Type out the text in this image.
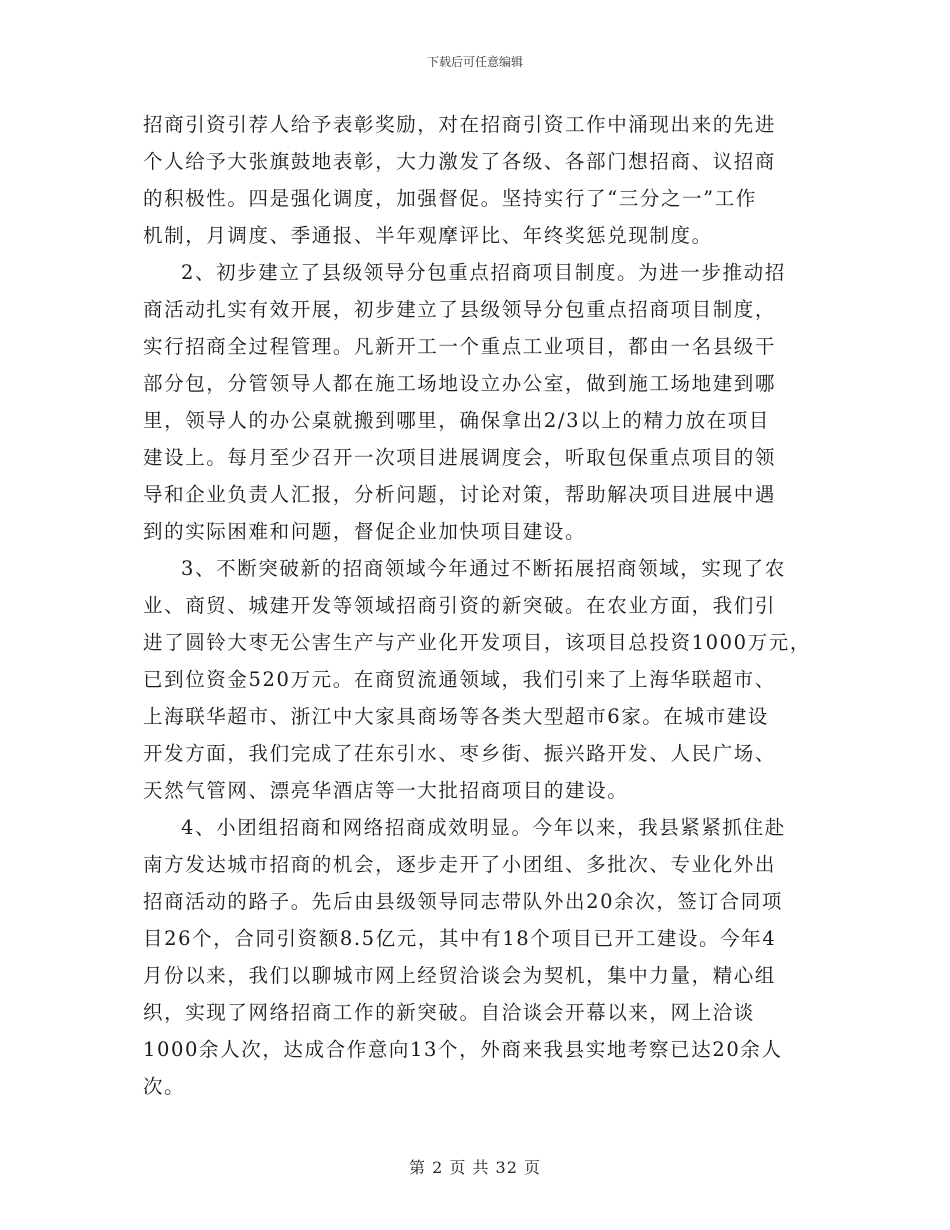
下载后可任意编辑
招商引资引荐人给予表彰奖励，对在招商引资工作中涌现出来的先进
个人给予大张旗鼓地表彰，大力激发了各级、各部门想招商、议招商
的积极性。四是强化调度，加强督促。坚持实行了“三分之一”工作
机制，月调度、季通报、半年观摩评比、年终奖惩兑现制度。
2、初步建立了县级领导分包重点招商项目制度。为进一步推动招
商活动扎实有效开展，初步建立了县级领导分包重点招商项目制度，
实行招商全过程管理。凡新开工一个重点工业项目，都由一名县级干
部分包，分管领导人都在施工场地设立办公室，做到施工场地建到哪
里，领导人的办公桌就搬到哪里，确保拿出2/3以上的精力放在项目
建设上。每月至少召开一次项目进展调度会，听取包保重点项目的领
导和企业负责人汇报，分析问题，讨论对策，帮助解决项目进展中遇
到的实际困难和问题，督促企业加快项目建设。
3、不断突破新的招商领域今年通过不断拓展招商领域，实现了农
业、商贸、城建开发等领域招商引资的新突破。在农业方面，我们引
进了圆铃大枣无公害生产与产业化开发项目，该项目总投资1000万元，
已到位资金520万元。在商贸流通领域，我们引来了上海华联超市、
上海联华超市、浙江中大家具商场等各类大型超市6家。在城市建设
开发方面，我们完成了茌东引水、枣乡街、振兴路开发、人民广场、
天然气管网、漂亮华酒店等一大批招商项目的建设。
4、小团组招商和网络招商成效明显。今年以来，我县紧紧抓住赴
南方发达城市招商的机会，逐步走开了小团组、多批次、专业化外出
招商活动的路子。先后由县级领导同志带队外出20余次，签订合同项
目26个，合同引资额8.5亿元，其中有18个项目已开工建设。今年4
月份以来，我们以聊城市网上经贸洽谈会为契机，集中力量，精心组
织，实现了网络招商工作的新突破。自洽谈会开幕以来，网上洽谈
1000余人次，达成合作意向13个，外商来我县实地考察已达20余人
次。
第 2 页 共 32 页
